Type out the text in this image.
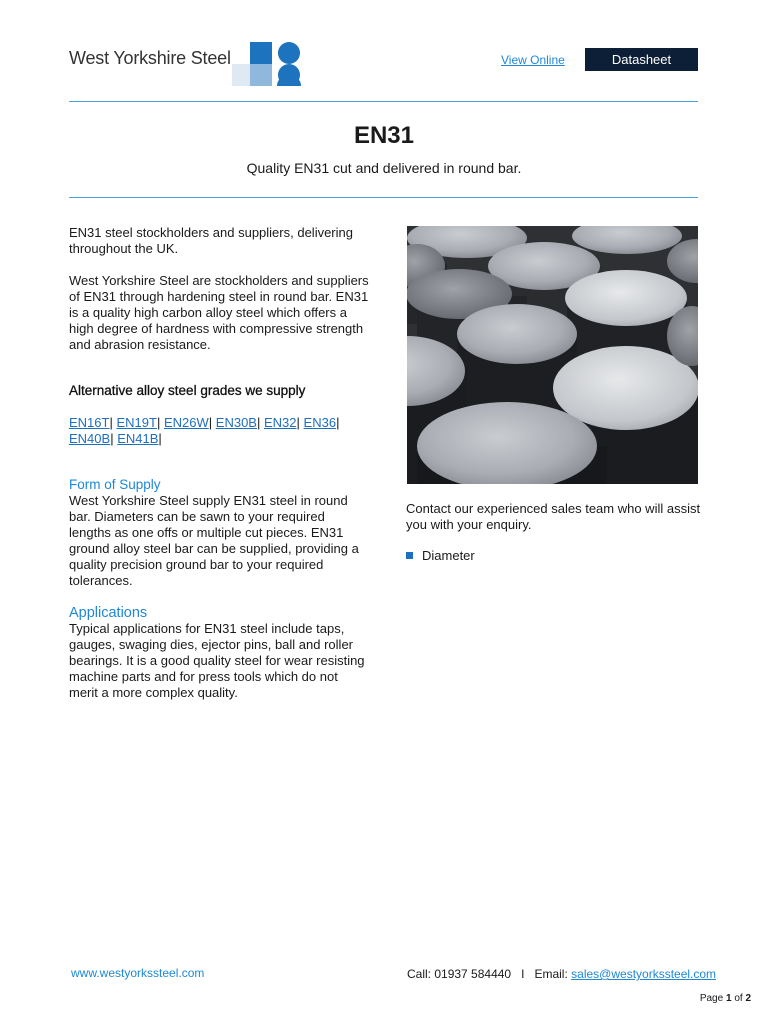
West Yorkshire Steel	View Online	Datasheet
EN31
Quality EN31 cut and delivered in round bar.

EN31 steel stockholders and suppliers, delivering throughout the UK.

West Yorkshire Steel are stockholders and suppliers of EN31 through hardening steel in round bar. EN31 is a quality high carbon alloy steel which offers a high degree of hardness with compressive strength and abrasion resistance.

Alternative alloy steel grades we supply
EN16T| EN19T| EN26W| EN30B| EN32| EN36|
EN40B| EN41B|
Form of Supply

West Yorkshire Steel supply EN31 steel in round bar. Diameters can be sawn to your required lengths as one offs or multiple cut pieces. EN31 ground alloy steel bar can be supplied, providing a quality precision ground bar to your required tolerances.

Applications

Typical applications for EN31 steel include taps, gauges, swaging dies, ejector pins, ball and roller bearings. It is a good quality steel for wear resisting machine parts and for press tools which do not merit a more complex quality.

Contact our experienced sales team who will assist you with your enquiry.

Diameter
www.westyorkssteel.com	Call: 01937 584440 I Email: sales@westyorkssteel.com
Page 1 of 2
